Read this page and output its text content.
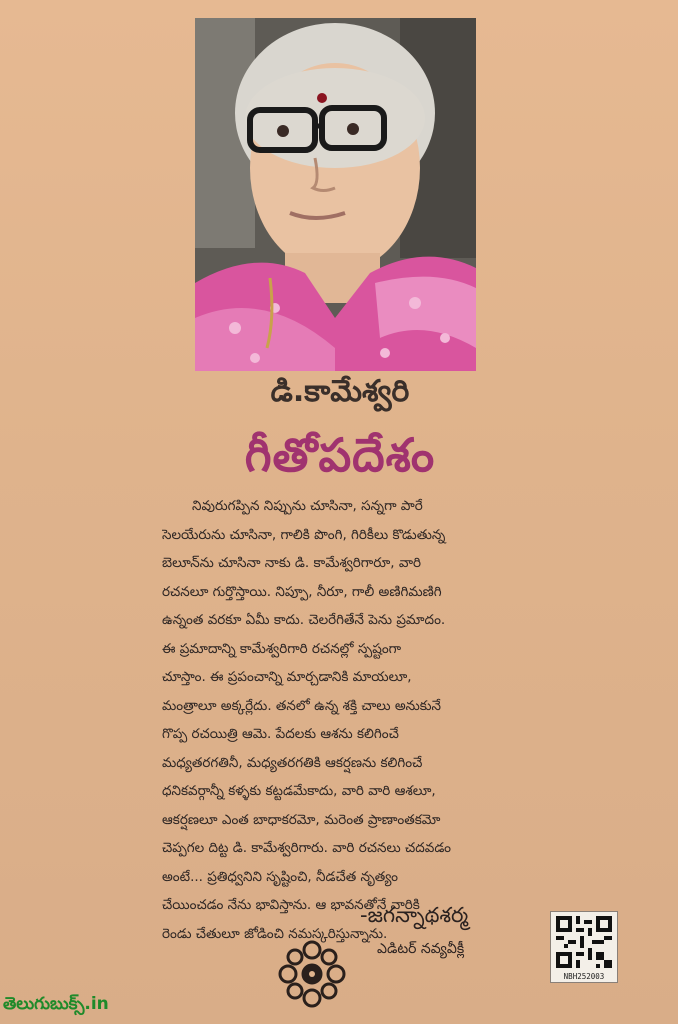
డి.కామేశ్వరి
గీతోపదేశం
నివురుగప్పిన నిప్పును చూసినా, సన్నగా పారే
సెలయేరును చూసినా, గాలికి పొంగి, గిరికీలు కొడుతున్న
బెలూన్‌ను చూసినా నాకు డి. కామేశ్వరిగారూ, వారి
రచనలూ గుర్తొస్తాయి. నిప్పూ, నీరూ, గాలీ అణిగిమణిగి
ఉన్నంత వరకూ ఏమీ కాదు. చెలరేగితేనే పెను ప్రమాదం.
ఈ ప్రమాదాన్ని కామేశ్వరిగారి రచనల్లో స్పష్టంగా
చూస్తాం. ఈ ప్రపంచాన్ని మార్చడానికి మాయలూ,
మంత్రాలూ అక్కర్లేదు. తనలో ఉన్న శక్తి చాలు అనుకునే
గొప్ప రచయిత్రి ఆమె. పేదలకు ఆశను కలిగించే
మధ్యతరగతినీ, మధ్యతరగతికి ఆకర్షణను కలిగించే
ధనికవర్గాన్నీ కళ్ళకు కట్టడమేకాదు, వారి వారి ఆశలూ,
ఆకర్షణలూ ఎంత బాధాకరమో, మరెంత ప్రాణాంతకమో
చెప్పగల దిట్ట డి. కామేశ్వరిగారు. వారి రచనలు చదవడం
అంటే... ప్రతిధ్వనిని సృష్టించి, నీడచేత నృత్యం
చేయించడం నేను భావిస్తాను. ఆ భావనతోనే వారికి
రెండు చేతులూ జోడించి నమస్కరిస్తున్నాను.
-జగన్నాథశర్మ
ఎడిటర్ నవ్యవీక్లీ
NBH252003
తెలుగుబుక్స్.in
